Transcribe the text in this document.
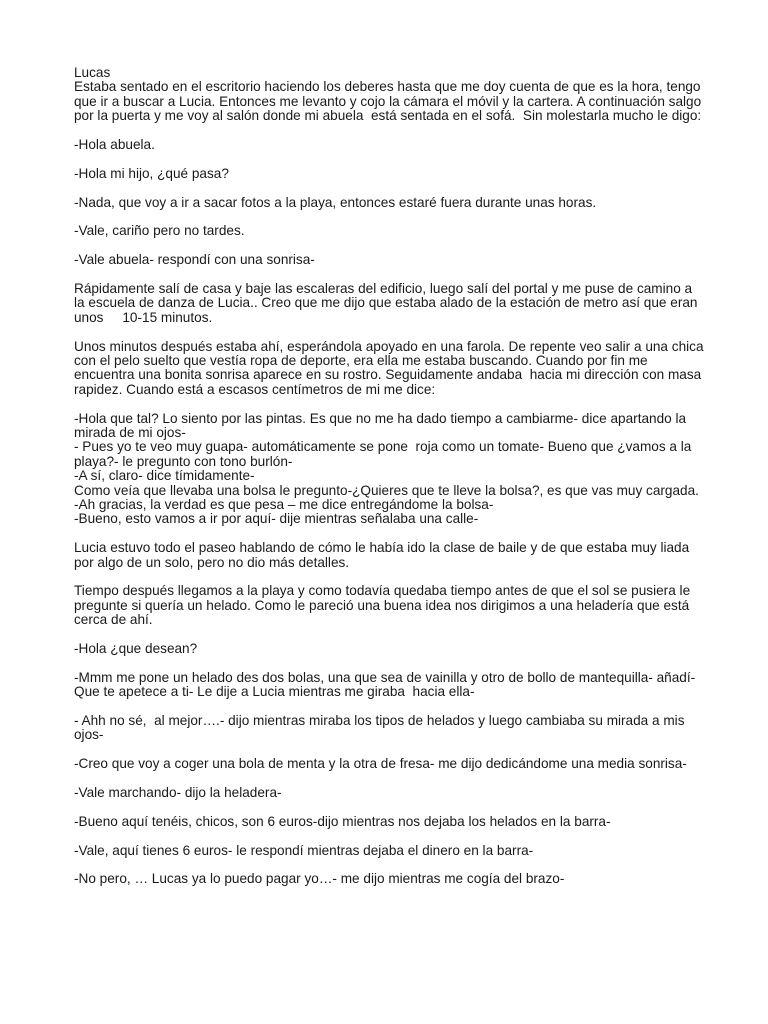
Lucas
Estaba sentado en el escritorio haciendo los deberes hasta que me doy cuenta de que es la hora, tengo que ir a buscar a Lucia. Entonces me levanto y cojo la cámara el móvil y la cartera. A continuación salgo por la puerta y me voy al salón donde mi abuela  está sentada en el sofá.  Sin molestarla mucho le digo:
-Hola abuela.
-Hola mi hijo, ¿qué pasa?
-Nada, que voy a ir a sacar fotos a la playa, entonces estaré fuera durante unas horas.
-Vale, cariño pero no tardes.
-Vale abuela- respondí con una sonrisa-
Rápidamente salí de casa y baje las escaleras del edificio, luego salí del portal y me puse de camino a la escuela de danza de Lucia.. Creo que me dijo que estaba alado de la estación de metro así que eran unos     10-15 minutos.
Unos minutos después estaba ahí, esperándola apoyado en una farola. De repente veo salir a una chica con el pelo suelto que vestía ropa de deporte, era ella me estaba buscando. Cuando por fin me encuentra una bonita sonrisa aparece en su rostro. Seguidamente andaba  hacia mi dirección con masa rapidez. Cuando está a escasos centímetros de mi me dice:
-Hola que tal? Lo siento por las pintas. Es que no me ha dado tiempo a cambiarme- dice apartando la mirada de mi ojos-
- Pues yo te veo muy guapa- automáticamente se pone  roja como un tomate- Bueno que ¿vamos a la playa?- le pregunto con tono burlón-
-A sí, claro- dice tímidamente-
Como veía que llevaba una bolsa le pregunto-¿Quieres que te lleve la bolsa?, es que vas muy cargada.
-Ah gracias, la verdad es que pesa – me dice entregándome la bolsa-
-Bueno, esto vamos a ir por aquí- dije mientras señalaba una calle-
Lucia estuvo todo el paseo hablando de cómo le había ido la clase de baile y de que estaba muy liada por algo de un solo, pero no dio más detalles.
Tiempo después llegamos a la playa y como todavía quedaba tiempo antes de que el sol se pusiera le pregunte si quería un helado. Como le pareció una buena idea nos dirigimos a una heladería que está cerca de ahí.
-Hola ¿que desean?
-Mmm me pone un helado des dos bolas, una que sea de vainilla y otro de bollo de mantequilla- añadí- Que te apetece a ti- Le dije a Lucia mientras me giraba  hacia ella-
- Ahh no sé,  al mejor….- dijo mientras miraba los tipos de helados y luego cambiaba su mirada a mis ojos-
-Creo que voy a coger una bola de menta y la otra de fresa- me dijo dedicándome una media sonrisa-
-Vale marchando- dijo la heladera-
-Bueno aquí tenéis, chicos, son 6 euros-dijo mientras nos dejaba los helados en la barra-
-Vale, aquí tienes 6 euros- le respondí mientras dejaba el dinero en la barra-
-No pero, … Lucas ya lo puedo pagar yo…- me dijo mientras me cogía del brazo-
